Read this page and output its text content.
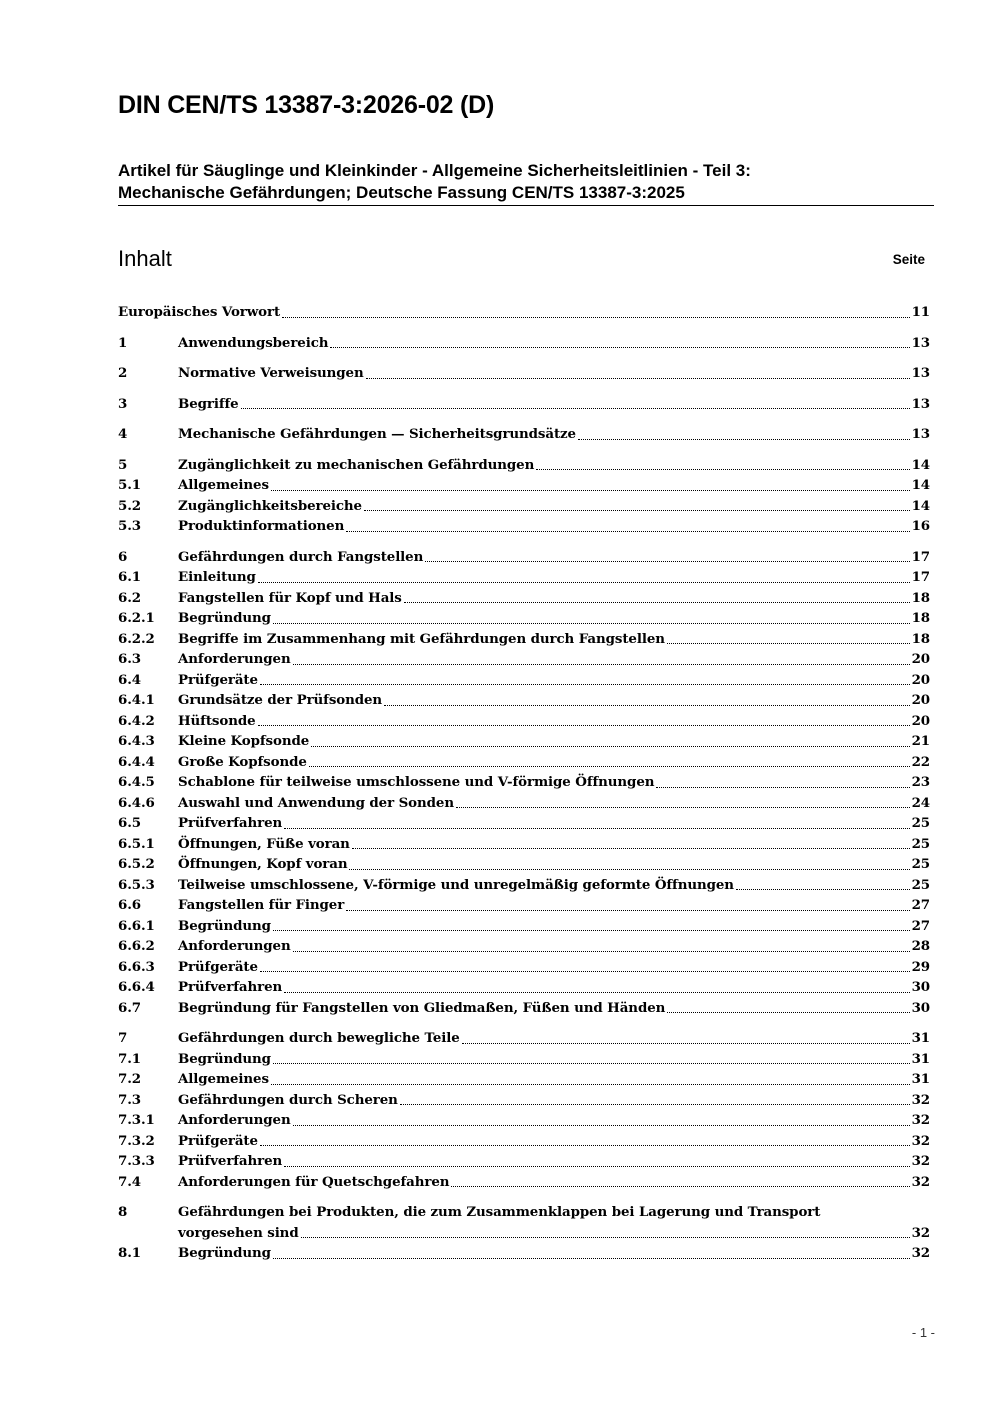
DIN CEN/TS 13387-3:2026-02 (D)
Artikel für Säuglinge und Kleinkinder - Allgemeine Sicherheitsleitlinien - Teil 3:
Mechanische Gefährdungen; Deutsche Fassung CEN/TS 13387-3:2025
Inhalt	Seite
Europäisches Vorwort	11
1	Anwendungsbereich	13
2	Normative Verweisungen	13
3	Begriffe	13
4	Mechanische Gefährdungen — Sicherheitsgrundsätze	13
5	Zugänglichkeit zu mechanischen Gefährdungen	14
5.1	Allgemeines	14
5.2	Zugänglichkeitsbereiche	14
5.3	Produktinformationen	16
6	Gefährdungen durch Fangstellen	17
6.1	Einleitung	17
6.2	Fangstellen für Kopf und Hals	18
6.2.1	Begründung	18
6.2.2	Begriffe im Zusammenhang mit Gefährdungen durch Fangstellen	18
6.3	Anforderungen	20
6.4	Prüfgeräte	20
6.4.1	Grundsätze der Prüfsonden	20
6.4.2	Hüftsonde	20
6.4.3	Kleine Kopfsonde	21
6.4.4	Große Kopfsonde	22
6.4.5	Schablone für teilweise umschlossene und V-förmige Öffnungen	23
6.4.6	Auswahl und Anwendung der Sonden	24
6.5	Prüfverfahren	25
6.5.1	Öffnungen, Füße voran	25
6.5.2	Öffnungen, Kopf voran	25
6.5.3	Teilweise umschlossene, V-förmige und unregelmäßig geformte Öffnungen	25
6.6	Fangstellen für Finger	27
6.6.1	Begründung	27
6.6.2	Anforderungen	28
6.6.3	Prüfgeräte	29
6.6.4	Prüfverfahren	30
6.7	Begründung für Fangstellen von Gliedmaßen, Füßen und Händen	30
7	Gefährdungen durch bewegliche Teile	31
7.1	Begründung	31
7.2	Allgemeines	31
7.3	Gefährdungen durch Scheren	32
7.3.1	Anforderungen	32
7.3.2	Prüfgeräte	32
7.3.3	Prüfverfahren	32
7.4	Anforderungen für Quetschgefahren	32
8	Gefährdungen bei Produkten, die zum Zusammenklappen bei Lagerung und Transport
vorgesehen sind	32
8.1	Begründung	32
- 1 -
